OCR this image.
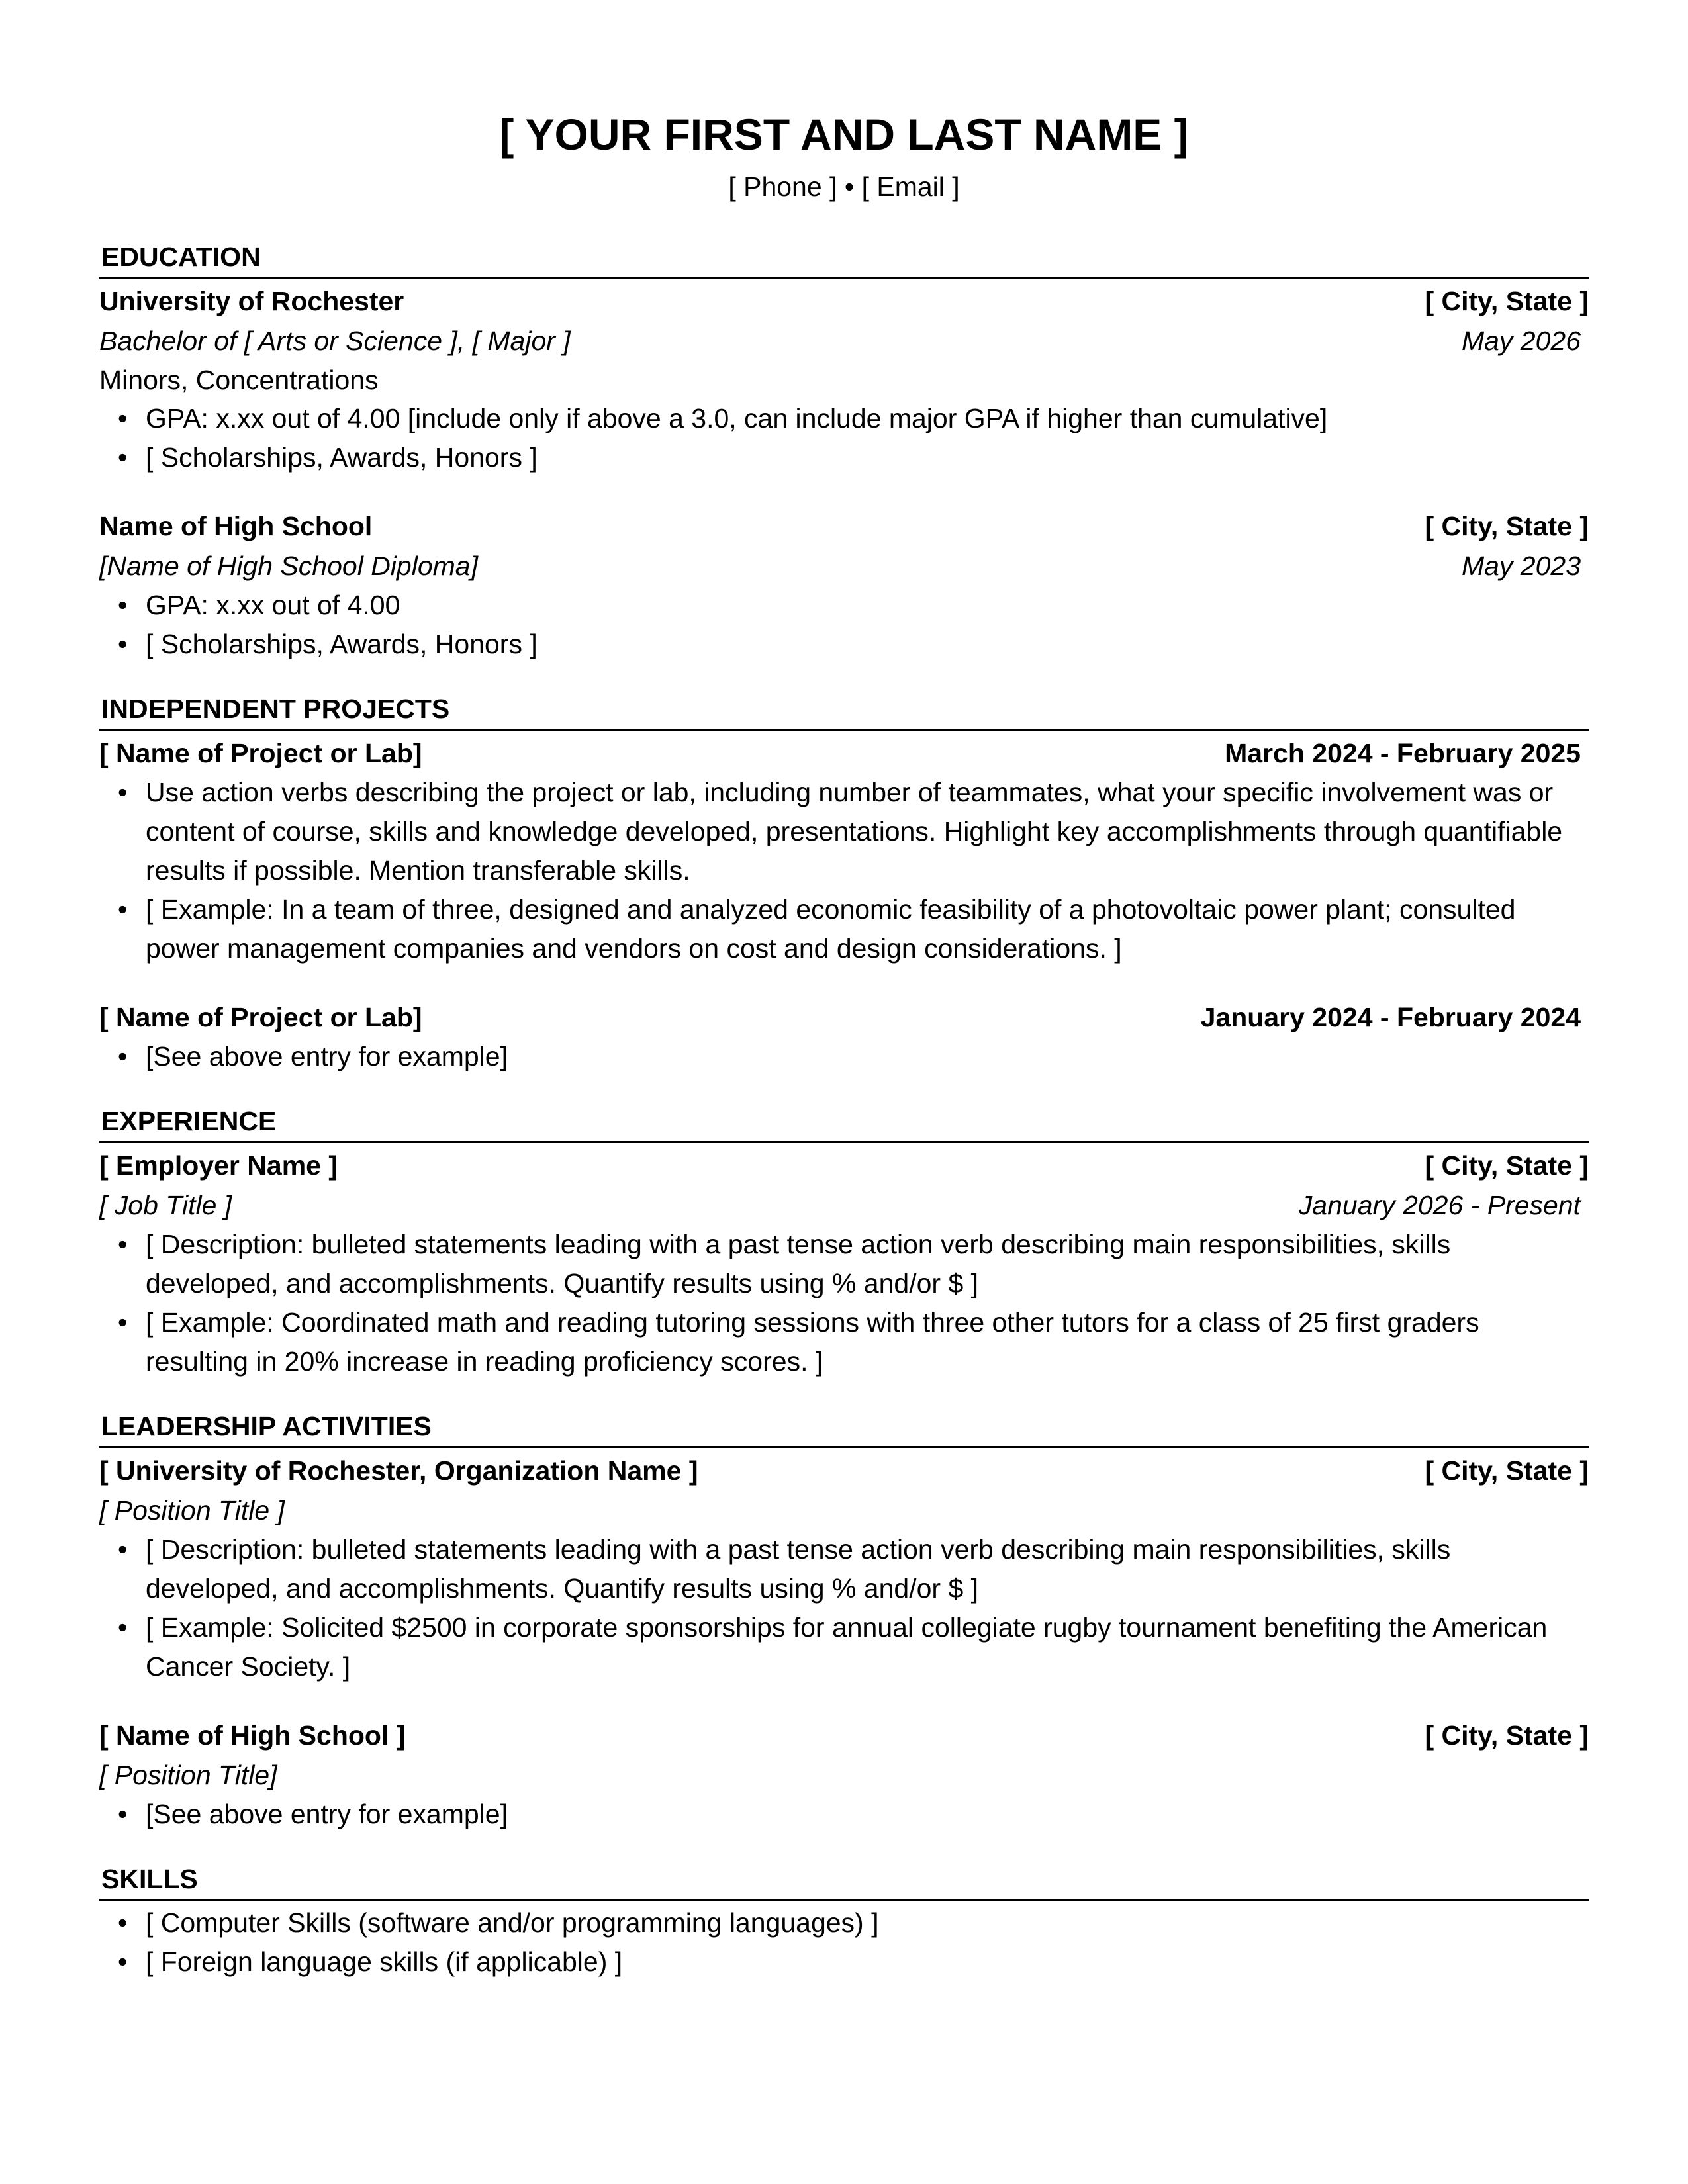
[ YOUR FIRST AND LAST NAME ]
[ Phone ] • [ Email ]
EDUCATION
University of Rochester	[ City, State ]
Bachelor of [ Arts or Science ], [ Major ]	May 2026
Minors, Concentrations
• GPA: x.xx out of 4.00 [include only if above a 3.0, can include major GPA if higher than cumulative]
• [ Scholarships, Awards, Honors ]
Name of High School	[ City, State ]
[Name of High School Diploma]	May 2023
• GPA: x.xx out of 4.00
• [ Scholarships, Awards, Honors ]
INDEPENDENT PROJECTS
[ Name of Project or Lab]	March 2024 - February 2025
• Use action verbs describing the project or lab, including number of teammates, what your specific involvement was or content of course, skills and knowledge developed, presentations. Highlight key accomplishments through quantifiable results if possible. Mention transferable skills.
• [ Example: In a team of three, designed and analyzed economic feasibility of a photovoltaic power plant; consulted power management companies and vendors on cost and design considerations. ]
[ Name of Project or Lab]	January 2024 - February 2024
• [See above entry for example]
EXPERIENCE
[ Employer Name ]	[ City, State ]
[ Job Title ]	January 2026 - Present
• [ Description: bulleted statements leading with a past tense action verb describing main responsibilities, skills developed, and accomplishments. Quantify results using % and/or $ ]
• [ Example: Coordinated math and reading tutoring sessions with three other tutors for a class of 25 first graders resulting in 20% increase in reading proficiency scores. ]
LEADERSHIP ACTIVITIES
[ University of Rochester, Organization Name ]	[ City, State ]
[ Position Title ]
• [ Description: bulleted statements leading with a past tense action verb describing main responsibilities, skills developed, and accomplishments. Quantify results using % and/or $ ]
• [ Example: Solicited $2500 in corporate sponsorships for annual collegiate rugby tournament benefiting the American Cancer Society. ]
[ Name of High School ]	[ City, State ]
[ Position Title]
• [See above entry for example]
SKILLS
• [ Computer Skills (software and/or programming languages) ]
• [ Foreign language skills (if applicable) ]
